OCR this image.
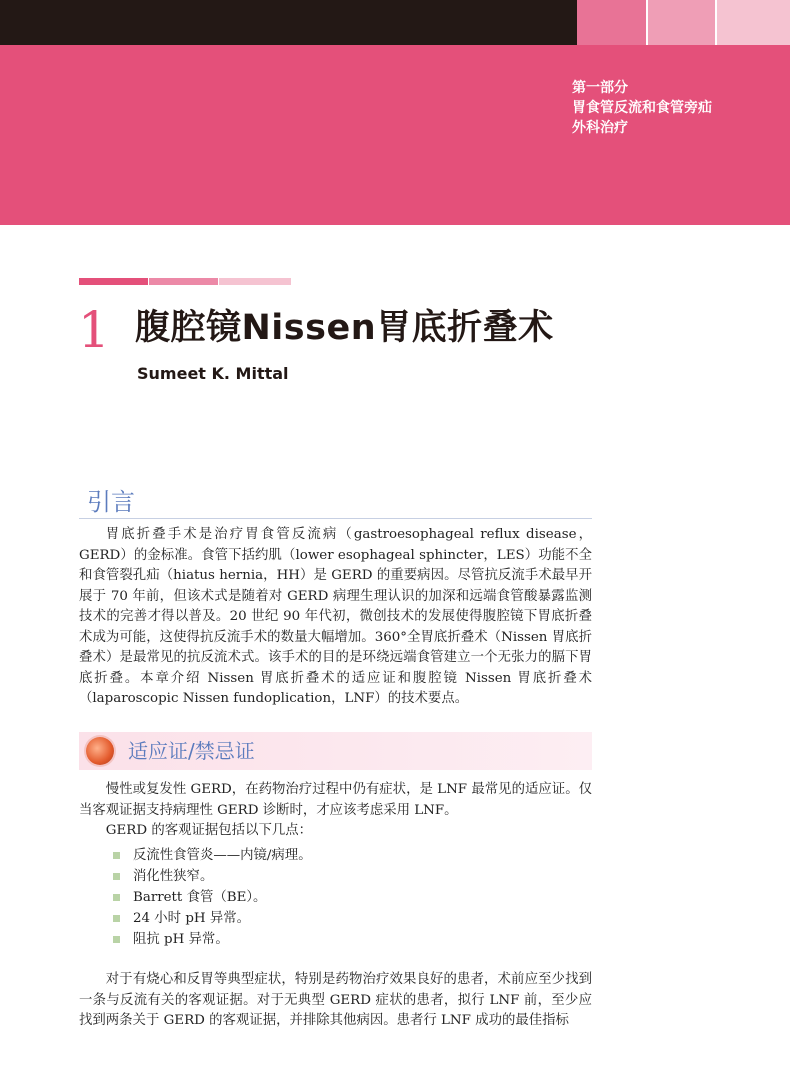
第一部分
胃食管反流和食管旁疝
外科治疗
1 腹腔镜Nissen胃底折叠术
Sumeet K. Mittal
引言

胃底折叠手术是治疗胃食管反流病（gastroesophageal reflux disease，GERD）的金标准。食管下括约肌（lower esophageal sphincter，LES）功能不全和食管裂孔疝（hiatus hernia，HH）是 GERD 的重要病因。尽管抗反流手术最早开展于 70 年前，但该术式是随着对 GERD 病理生理认识的加深和远端食管酸暴露监测技术的完善才得以普及。20 世纪 90 年代初，微创技术的发展使得腹腔镜下胃底折叠术成为可能，这使得抗反流手术的数量大幅增加。360°全胃底折叠术（Nissen 胃底折叠术）是最常见的抗反流术式。该手术的目的是环绕远端食管建立一个无张力的膈下胃底折叠。本章介绍 Nissen 胃底折叠术的适应证和腹腔镜 Nissen 胃底折叠术（laparoscopic Nissen fundoplication，LNF）的技术要点。

适应证/禁忌证

慢性或复发性 GERD，在药物治疗过程中仍有症状，是 LNF 最常见的适应证。仅当客观证据支持病理性 GERD 诊断时，才应该考虑采用 LNF。

GERD 的客观证据包括以下几点：

反流性食管炎——内镜/病理。
消化性狭窄。
Barrett 食管（BE）。
24 小时 pH 异常。
阻抗 pH 异常。

对于有烧心和反胃等典型症状，特别是药物治疗效果良好的患者，术前应至少找到一条与反流有关的客观证据。对于无典型 GERD 症状的患者，拟行 LNF 前，至少应找到两条关于 GERD 的客观证据，并排除其他病因。患者行 LNF 成功的最佳指标
